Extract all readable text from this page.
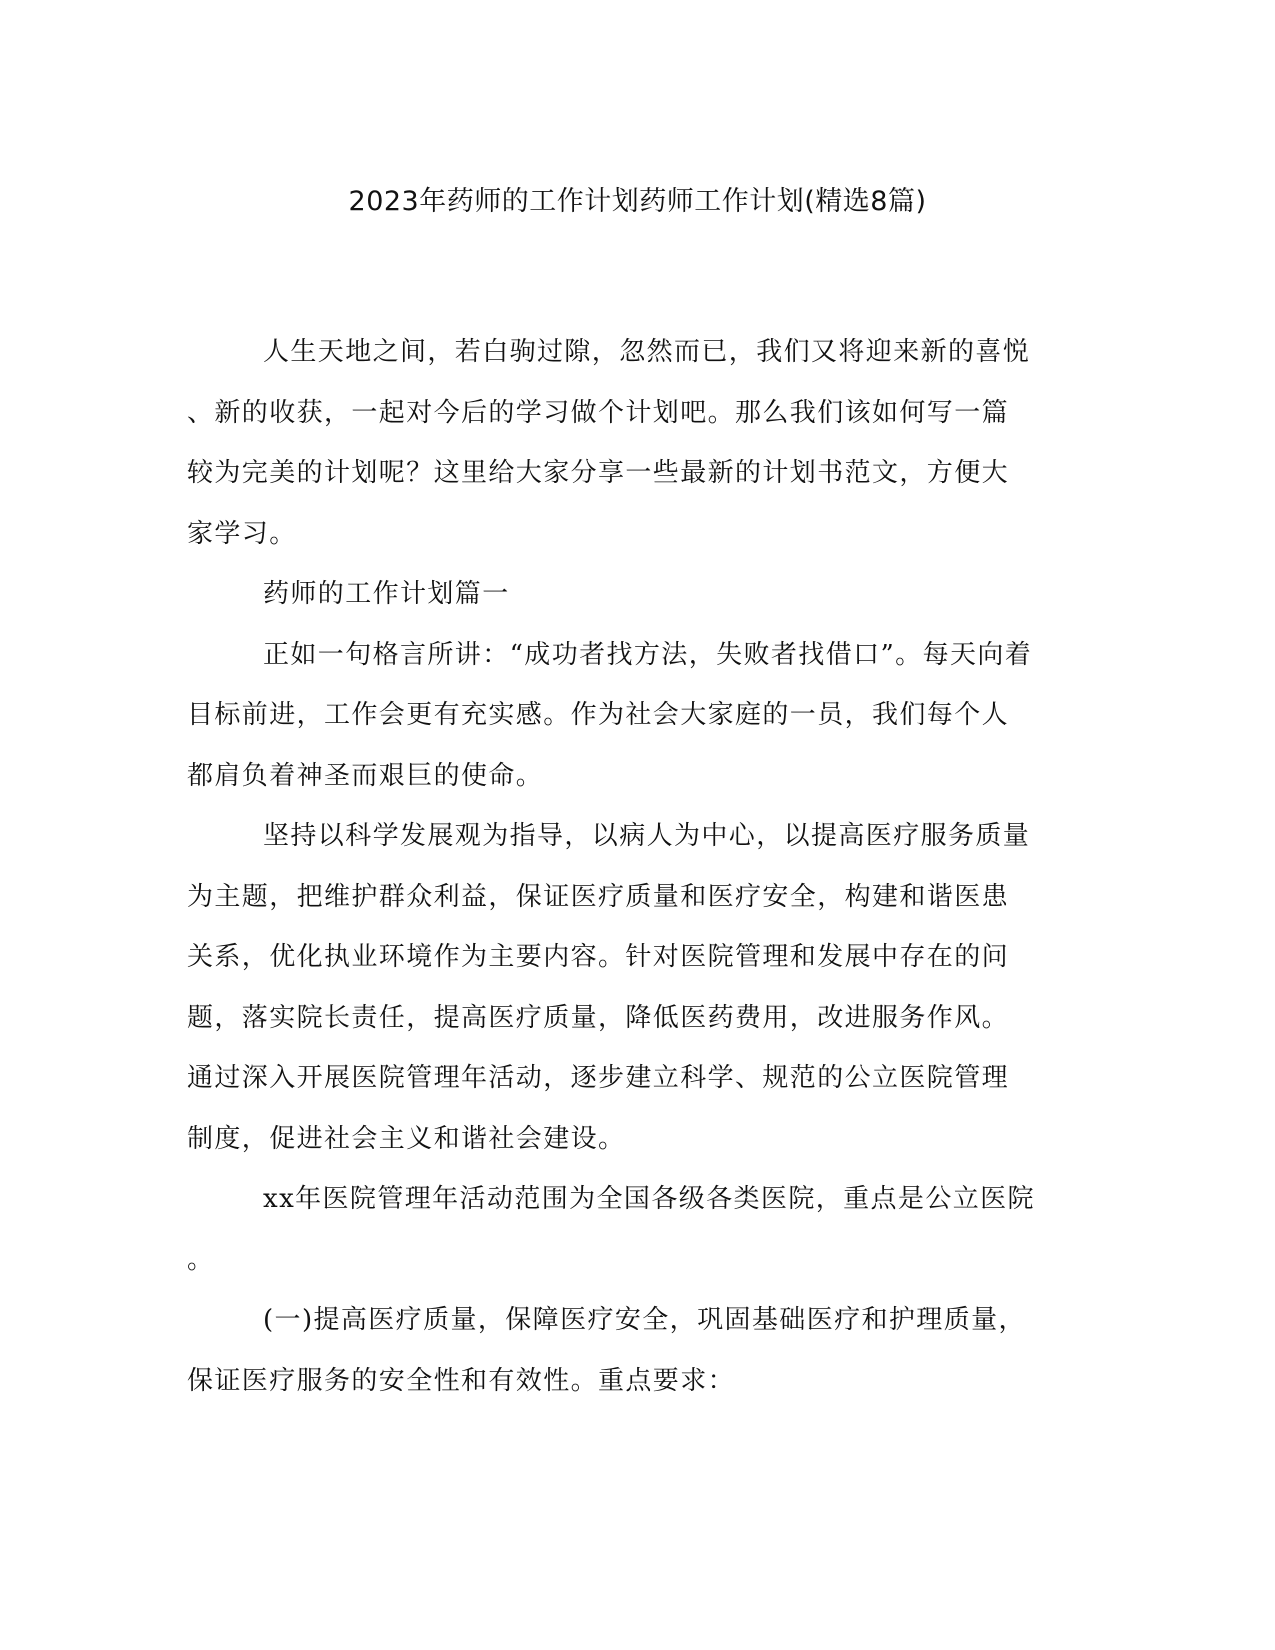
2023年药师的工作计划药师工作计划(精选8篇)
人生天地之间，若白驹过隙，忽然而已，我们又将迎来新的喜悦
、新的收获，一起对今后的学习做个计划吧。那么我们该如何写一篇
较为完美的计划呢？这里给大家分享一些最新的计划书范文，方便大
家学习。
药师的工作计划篇一
正如一句格言所讲：“成功者找方法，失败者找借口”。每天向着
目标前进，工作会更有充实感。作为社会大家庭的一员，我们每个人
都肩负着神圣而艰巨的使命。
坚持以科学发展观为指导，以病人为中心，以提高医疗服务质量
为主题，把维护群众利益，保证医疗质量和医疗安全，构建和谐医患
关系，优化执业环境作为主要内容。针对医院管理和发展中存在的问
题，落实院长责任，提高医疗质量，降低医药费用，改进服务作风。
通过深入开展医院管理年活动，逐步建立科学、规范的公立医院管理
制度，促进社会主义和谐社会建设。
xx年医院管理年活动范围为全国各级各类医院，重点是公立医院
。
(一)提高医疗质量，保障医疗安全，巩固基础医疗和护理质量，
保证医疗服务的安全性和有效性。重点要求：
